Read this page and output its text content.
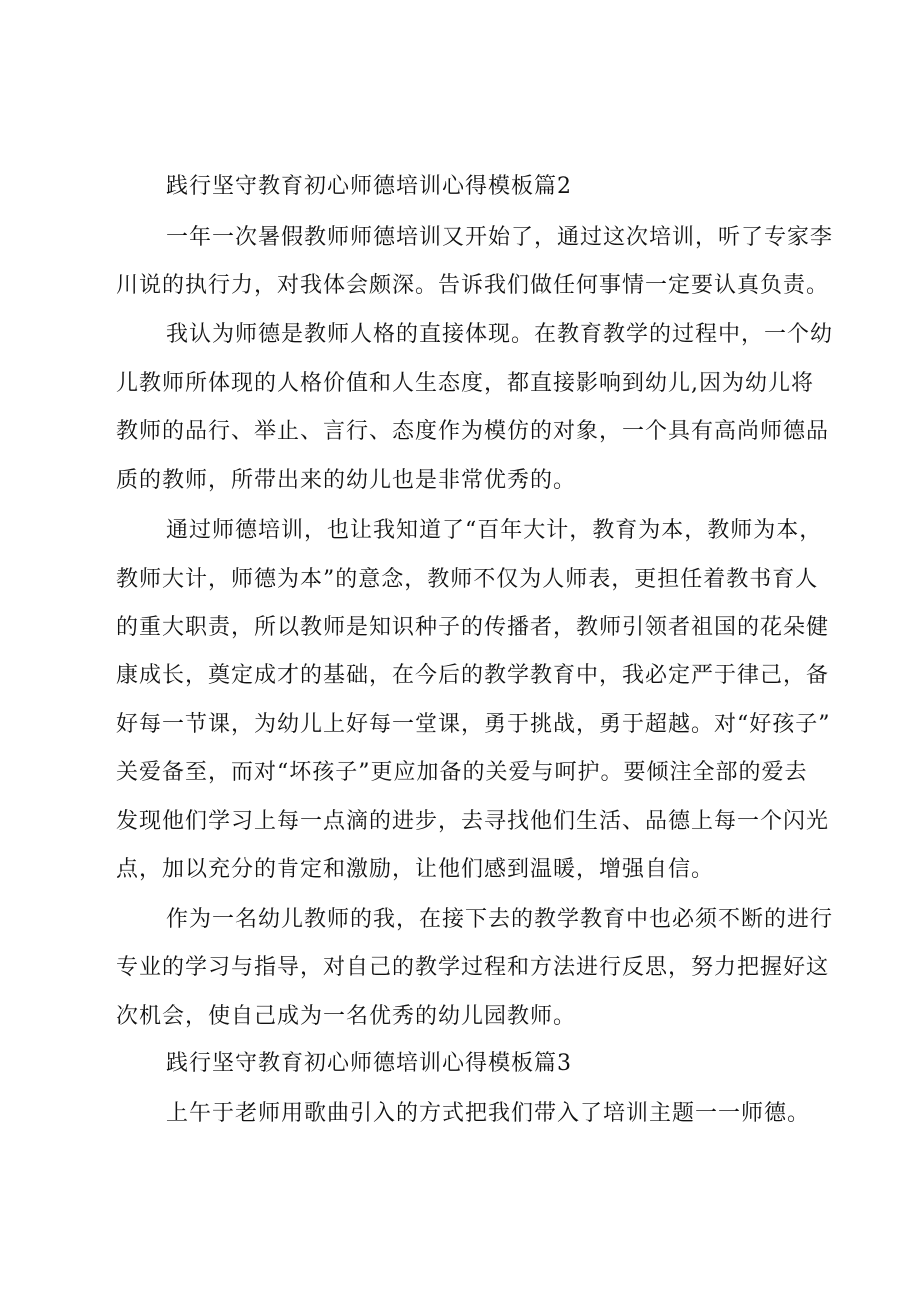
践行坚守教育初心师德培训心得模板篇2
一年一次暑假教师师德培训又开始了，通过这次培训，听了专家李
川说的执行力，对我体会颇深。告诉我们做任何事情一定要认真负责。
我认为师德是教师人格的直接体现。在教育教学的过程中，一个幼
儿教师所体现的人格价值和人生态度，都直接影响到幼儿,因为幼儿将
教师的品行、举止、言行、态度作为模仿的对象，一个具有高尚师德品
质的教师，所带出来的幼儿也是非常优秀的。
通过师德培训，也让我知道了“百年大计，教育为本，教师为本，
教师大计，师德为本”的意念，教师不仅为人师表，更担任着教书育人
的重大职责，所以教师是知识种子的传播者，教师引领者祖国的花朵健
康成长，奠定成才的基础，在今后的教学教育中，我必定严于律己，备
好每一节课，为幼儿上好每一堂课，勇于挑战，勇于超越。对“好孩子”
关爱备至，而对“坏孩子”更应加备的关爱与呵护。要倾注全部的爱去
发现他们学习上每一点滴的进步，去寻找他们生活、品德上每一个闪光
点，加以充分的肯定和激励，让他们感到温暖，增强自信。
作为一名幼儿教师的我，在接下去的教学教育中也必须不断的进行
专业的学习与指导，对自己的教学过程和方法进行反思，努力把握好这
次机会，使自己成为一名优秀的幼儿园教师。
践行坚守教育初心师德培训心得模板篇3
上午于老师用歌曲引入的方式把我们带入了培训主题一一师德。
